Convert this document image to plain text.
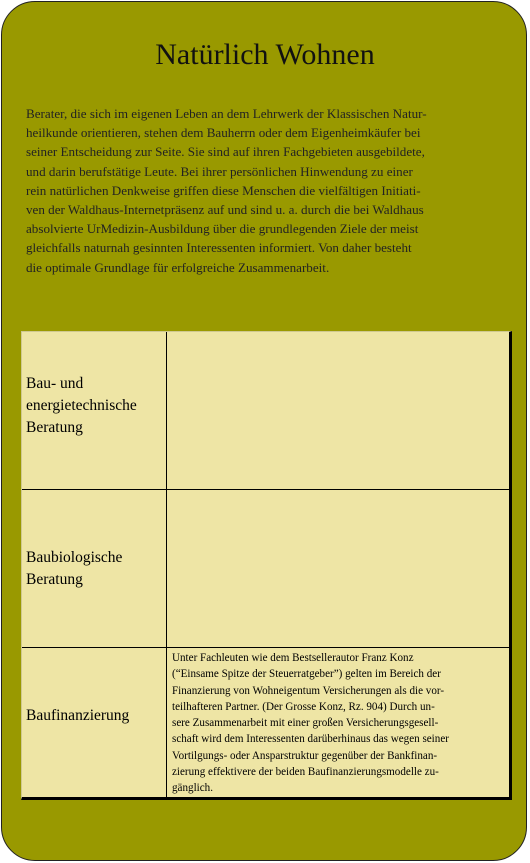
Natürlich Wohnen
Berater, die sich im eigenen Leben an dem Lehrwerk der Klassischen Natur-
heilkunde orientieren, stehen dem Bauherrn oder dem Eigenheimkäufer bei
seiner Entscheidung zur Seite. Sie sind auf ihren Fachgebieten ausgebildete,
und darin berufstätige Leute. Bei ihrer persönlichen Hinwendung zu einer
rein natürlichen Denkweise griffen diese Menschen die vielfältigen Initiati-
ven der Waldhaus-Internetpräsenz auf und sind u. a. durch die bei Waldhaus
absolvierte UrMedizin-Ausbildung über die grundlegenden Ziele der meist
gleichfalls naturnah gesinnten Interessenten informiert. Von daher besteht
die optimale Grundlage für erfolgreiche Zusammenarbeit.
Bau- und
energietechnische
Beratung
Baubiologische
Beratung
Baufinanzierung
Unter Fachleuten wie dem Bestsellerautor Franz Konz
(“Einsame Spitze der Steuerratgeber”) gelten im Bereich der
Finanzierung von Wohneigentum Versicherungen als die vor-
teilhafteren Partner. (Der Grosse Konz, Rz. 904) Durch un-
sere Zusammenarbeit mit einer großen Versicherungsgesell-
schaft wird dem Interessenten darüberhinaus das wegen seiner
Vortilgungs- oder Ansparstruktur gegenüber der Bankfinan-
zierung effektivere der beiden Baufinanzierungsmodelle zu-
gänglich.
